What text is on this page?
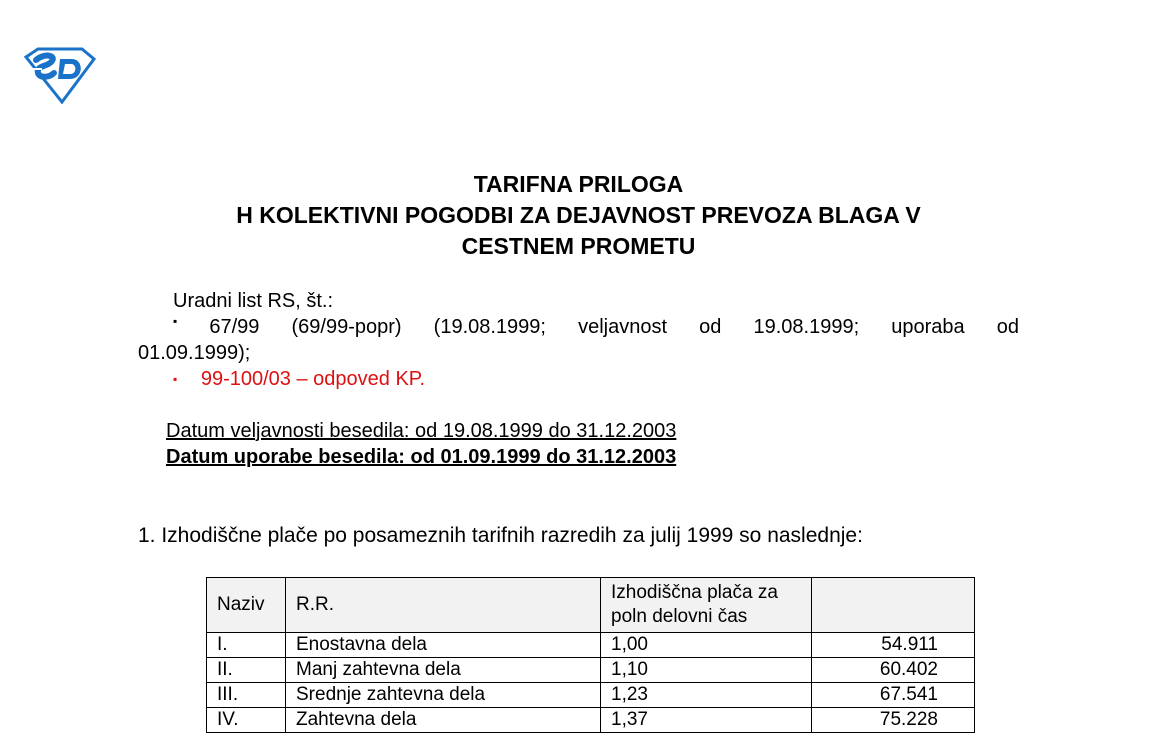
TARIFNA PRILOGA
H KOLEKTIVNI POGODBI ZA DEJAVNOST PREVOZA BLAGA V
CESTNEM PROMETU
Uradni list RS, št.:
▪ 67/99 (69/99-popr) (19.08.1999; veljavnost od 19.08.1999; uporaba od
01.09.1999);
▪ 99-100/03 – odpoved KP.
Datum veljavnosti besedila: od 19.08.1999 do 31.12.2003
Datum uporabe besedila: od 01.09.1999 do 31.12.2003
1. Izhodiščne plače po posameznih tarifnih razredih za julij 1999 so naslednje:
Naziv	R.R.	Izhodiščna plača za poln delovni čas	
I.	Enostavna dela	1,00	54.911
II.	Manj zahtevna dela	1,10	60.402
III.	Srednje zahtevna dela	1,23	67.541
IV.	Zahtevna dela	1,37	75.228
